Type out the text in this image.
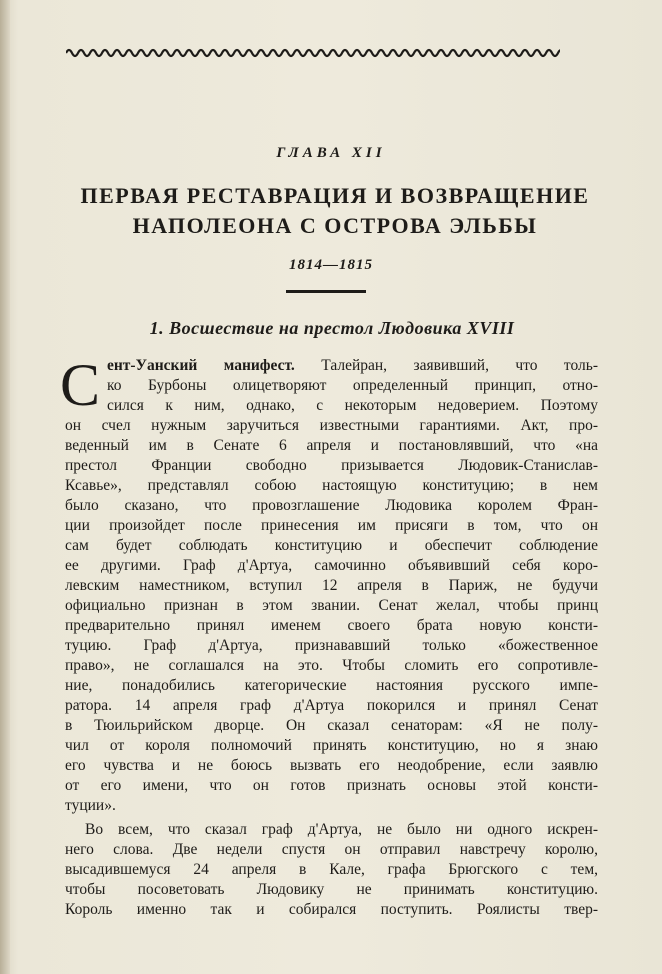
ГЛАВА XII
ПЕРВАЯ РЕСТАВРАЦИЯ И ВОЗВРАЩЕНИЕ
НАПОЛЕОНА С ОСТРОВА ЭЛЬБЫ
1814—1815
1. Восшествие на престол Людовика XVIII
С ент-Уанский манифест. Талейран, заявивший, что толь-
ко Бурбоны олицетворяют определенный принцип, отно-
сился к ним, однако, с некоторым недоверием. Поэтому
он счел нужным заручиться известными гарантиями. Акт, про-
веденный им в Сенате 6 апреля и постановлявший, что «на
престол Франции свободно призывается Людовик-Станислав-
Ксавье», представлял собою настоящую конституцию; в нем
было сказано, что провозглашение Людовика королем Фран-
ции произойдет после принесения им присяги в том, что он
сам будет соблюдать конституцию и обеспечит соблюдение
ее другими. Граф д'Артуа, самочинно объявивший себя коро-
левским наместником, вступил 12 апреля в Париж, не будучи
официально признан в этом звании. Сенат желал, чтобы принц
предварительно принял именем своего брата новую консти-
туцию. Граф д'Артуа, признававший только «божественное
право», не соглашался на это. Чтобы сломить его сопротивле-
ние, понадобились категорические настояния русского импе-
ратора. 14 апреля граф д'Артуа покорился и принял Сенат
в Тюильрийском дворце. Он сказал сенаторам: «Я не полу-
чил от короля полномочий принять конституцию, но я знаю
его чувства и не боюсь вызвать его неодобрение, если заявлю
от его имени, что он готов признать основы этой консти-
туции».
Во всем, что сказал граф д'Артуа, не было ни одного искрен-
него слова. Две недели спустя он отправил навстречу королю,
высадившемуся 24 апреля в Кале, графа Брюгского с тем,
чтобы посоветовать Людовику не принимать конституцию.
Король именно так и собирался поступить. Роялисты твер-
